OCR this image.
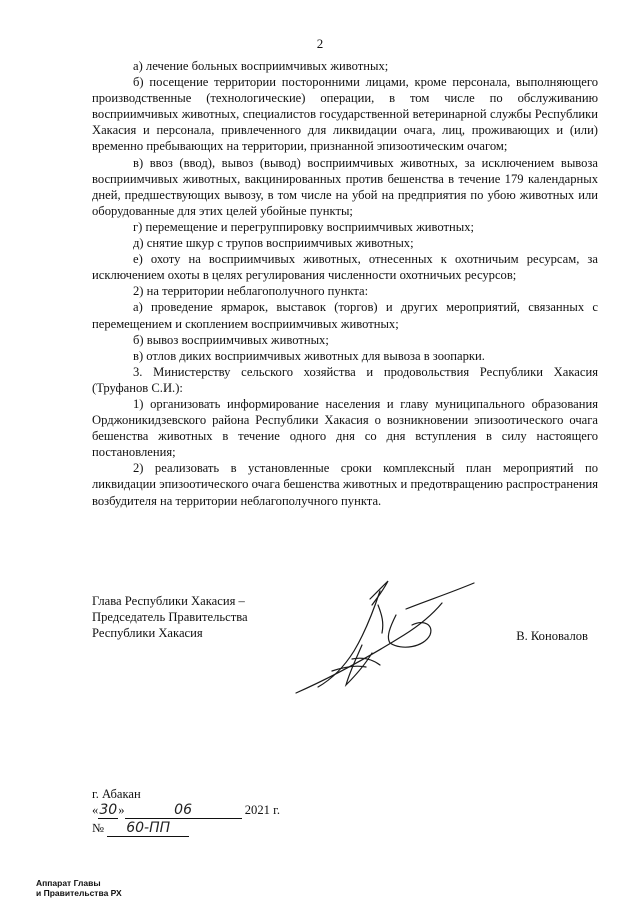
2

а) лечение больных восприимчивых животных;

б) посещение территории посторонними лицами, кроме персонала, выполняющего производственные (технологические) операции, в том числе по обслуживанию восприимчивых животных, специалистов государственной ветеринарной службы Республики Хакасия и персонала, привлеченного для ликвидации очага, лиц, проживающих и (или) временно пребывающих на территории, признанной эпизоотическим очагом;

в) ввоз (ввод), вывоз (вывод) восприимчивых животных, за исключением вывоза восприимчивых животных, вакцинированных против бешенства в течение 179 календарных дней, предшествующих вывозу, в том числе на убой на предприятия по убою животных или оборудованные для этих целей убойные пункты;

г) перемещение и перегруппировку восприимчивых животных;

д) снятие шкур с трупов восприимчивых животных;

е) охоту на восприимчивых животных, отнесенных к охотничьим ресурсам, за исключением охоты в целях регулирования численности охотничьих ресурсов;

2) на территории неблагополучного пункта:

а) проведение ярмарок, выставок (торгов) и других мероприятий, связанных с перемещением и скоплением восприимчивых животных;

б) вывоз восприимчивых животных;

в) отлов диких восприимчивых животных для вывоза в зоопарки.

3. Министерству сельского хозяйства и продовольствия Республики Хакасия (Труфанов С.И.):

1) организовать информирование населения и главу муниципального образования Орджоникидзевского района Республики Хакасия о возникновении эпизоотического очага бешенства животных в течение одного дня со дня вступления в силу настоящего постановления;

2) реализовать в установленные сроки комплексный план мероприятий по ликвидации эпизоотического очага бешенства животных и предотвращению распространения возбудителя на территории неблагополучного пункта.

Глава Республики Хакасия –
Председатель Правительства
Республики Хакасия	В. Коновалов
г. Абакан
«30»	06	2021 г.
№ 60-ПП
Аппарат Главы
и Правительства РХ
